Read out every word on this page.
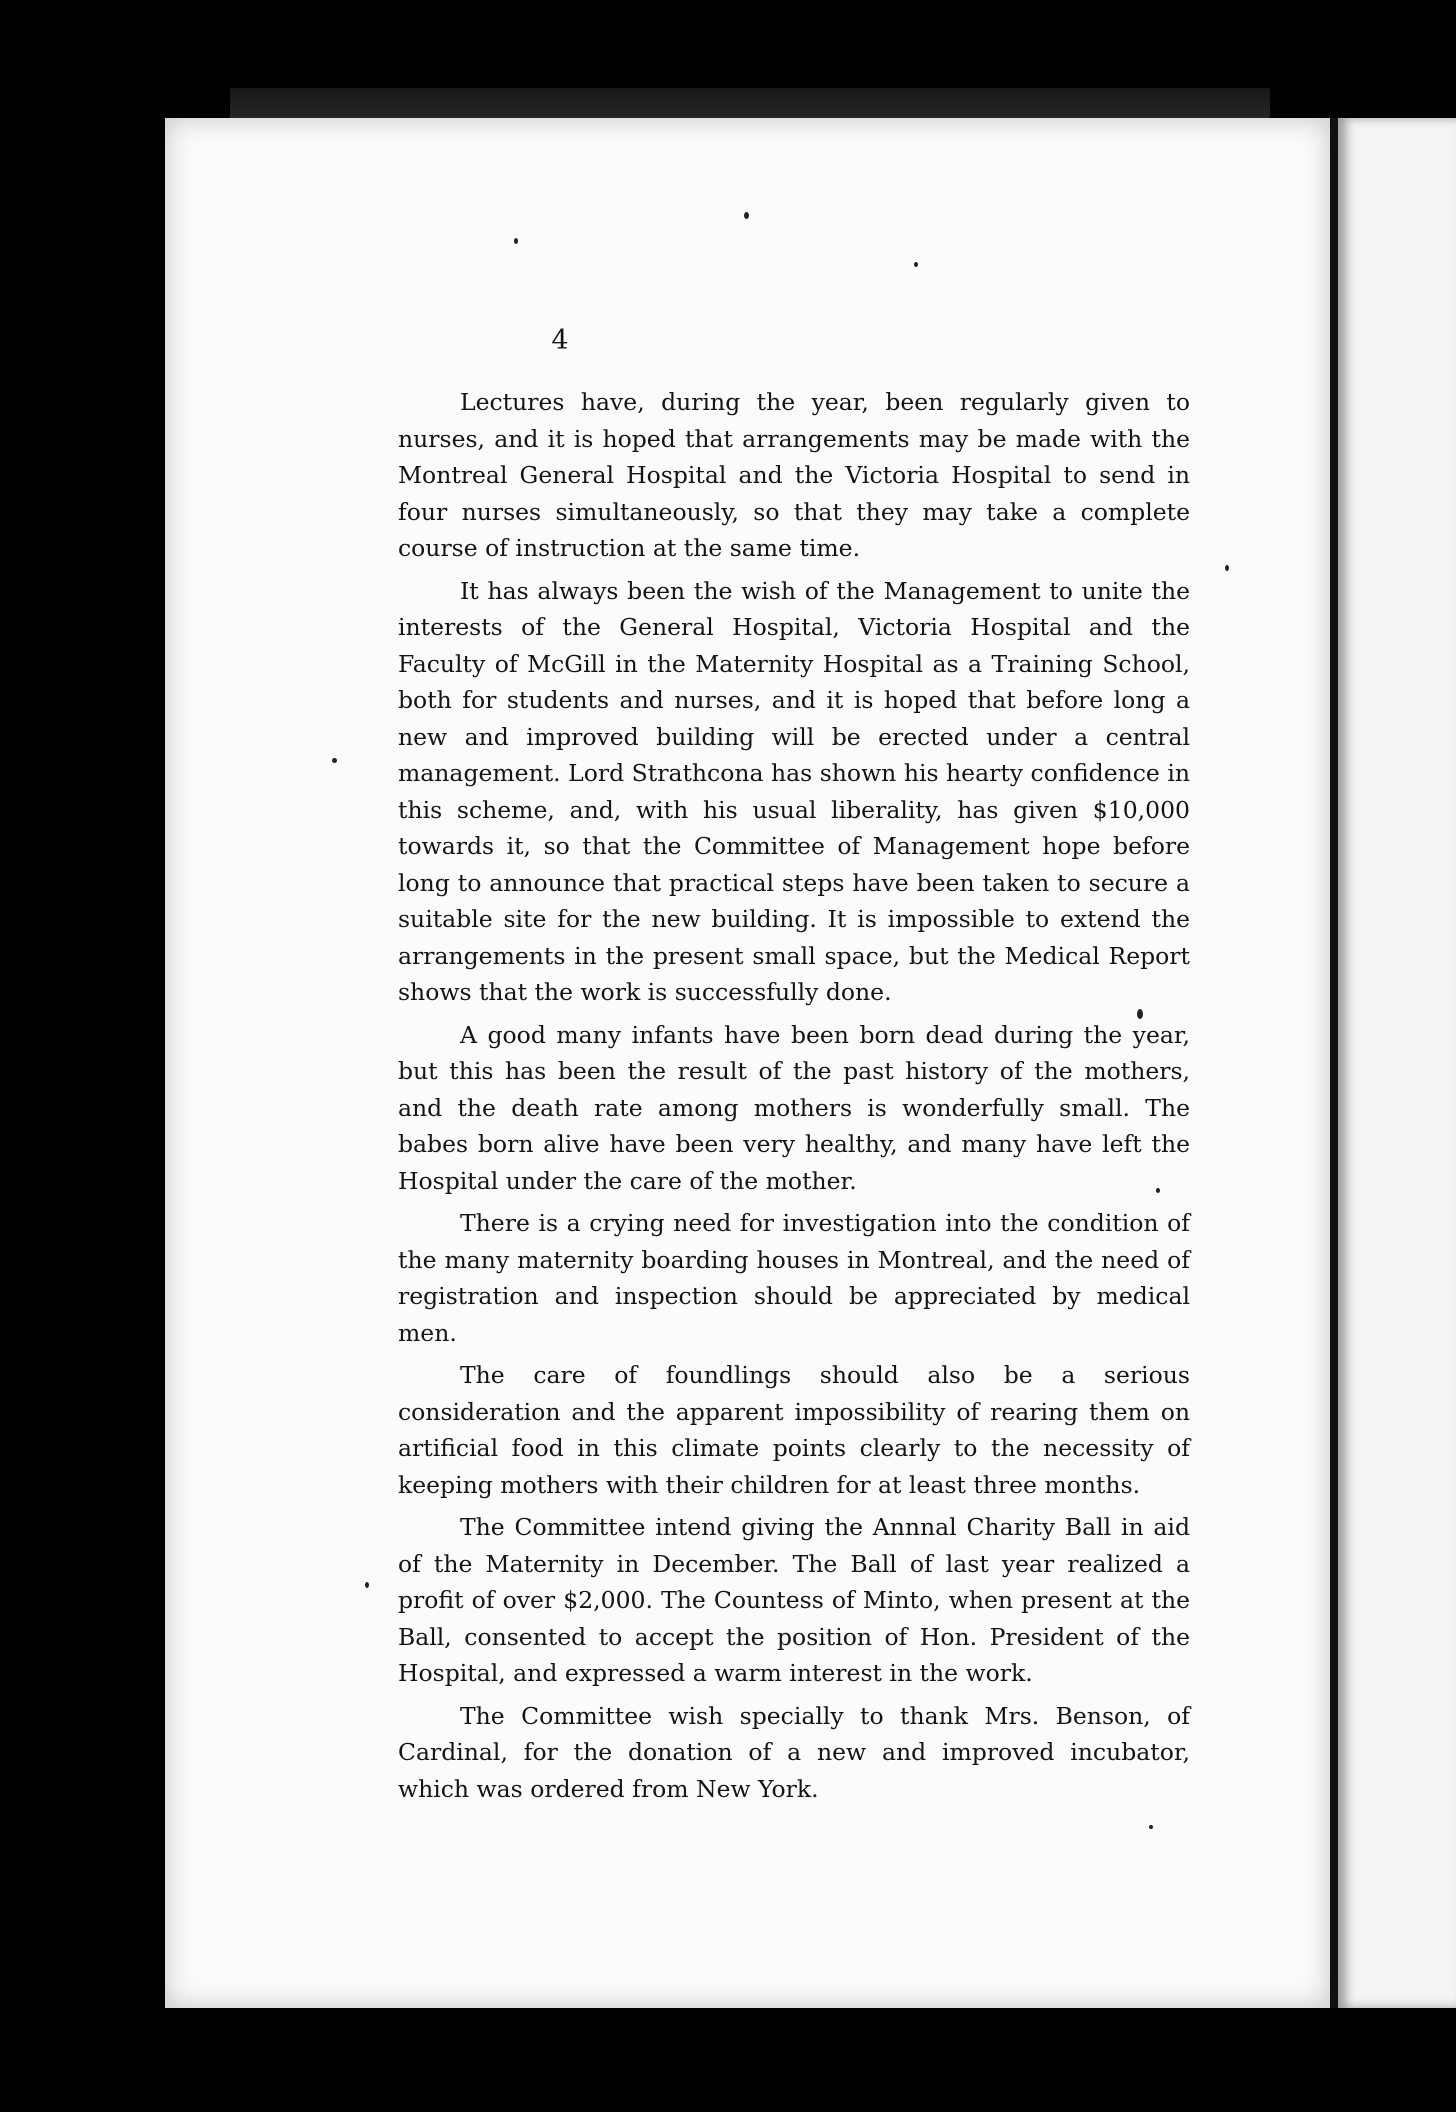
4

Lectures have, during the year, been regularly given to nurses, and it is hoped that arrangements may be made with the Montreal General Hospital and the Victoria Hospital to send in four nurses simultaneously, so that they may take a complete course of instruction at the same time.

It has always been the wish of the Management to unite the interests of the General Hospital, Victoria Hospital and the Faculty of McGill in the Maternity Hospital as a Training School, both for students and nurses, and it is hoped that before long a new and improved building will be erected under a central management. Lord Strathcona has shown his hearty confidence in this scheme, and, with his usual liberality, has given $10,000 towards it, so that the Committee of Management hope before long to announce that practical steps have been taken to secure a suitable site for the new building. It is impossible to extend the arrangements in the present small space, but the Medical Report shows that the work is successfully done.

A good many infants have been born dead during the year, but this has been the result of the past history of the mothers, and the death rate among mothers is wonderfully small. The babes born alive have been very healthy, and many have left the Hospital under the care of the mother.

There is a crying need for investigation into the condition of the many maternity boarding houses in Montreal, and the need of registration and inspection should be appreciated by medical men.

The care of foundlings should also be a serious consideration and the apparent impossibility of rearing them on artificial food in this climate points clearly to the necessity of keeping mothers with their children for at least three months.

The Committee intend giving the Annnal Charity Ball in aid of the Maternity in December. The Ball of last year realized a profit of over $2,000. The Countess of Minto, when present at the Ball, consented to accept the position of Hon. President of the Hospital, and expressed a warm interest in the work.

The Committee wish specially to thank Mrs. Benson, of Cardinal, for the donation of a new and improved incubator, which was ordered from New York.
